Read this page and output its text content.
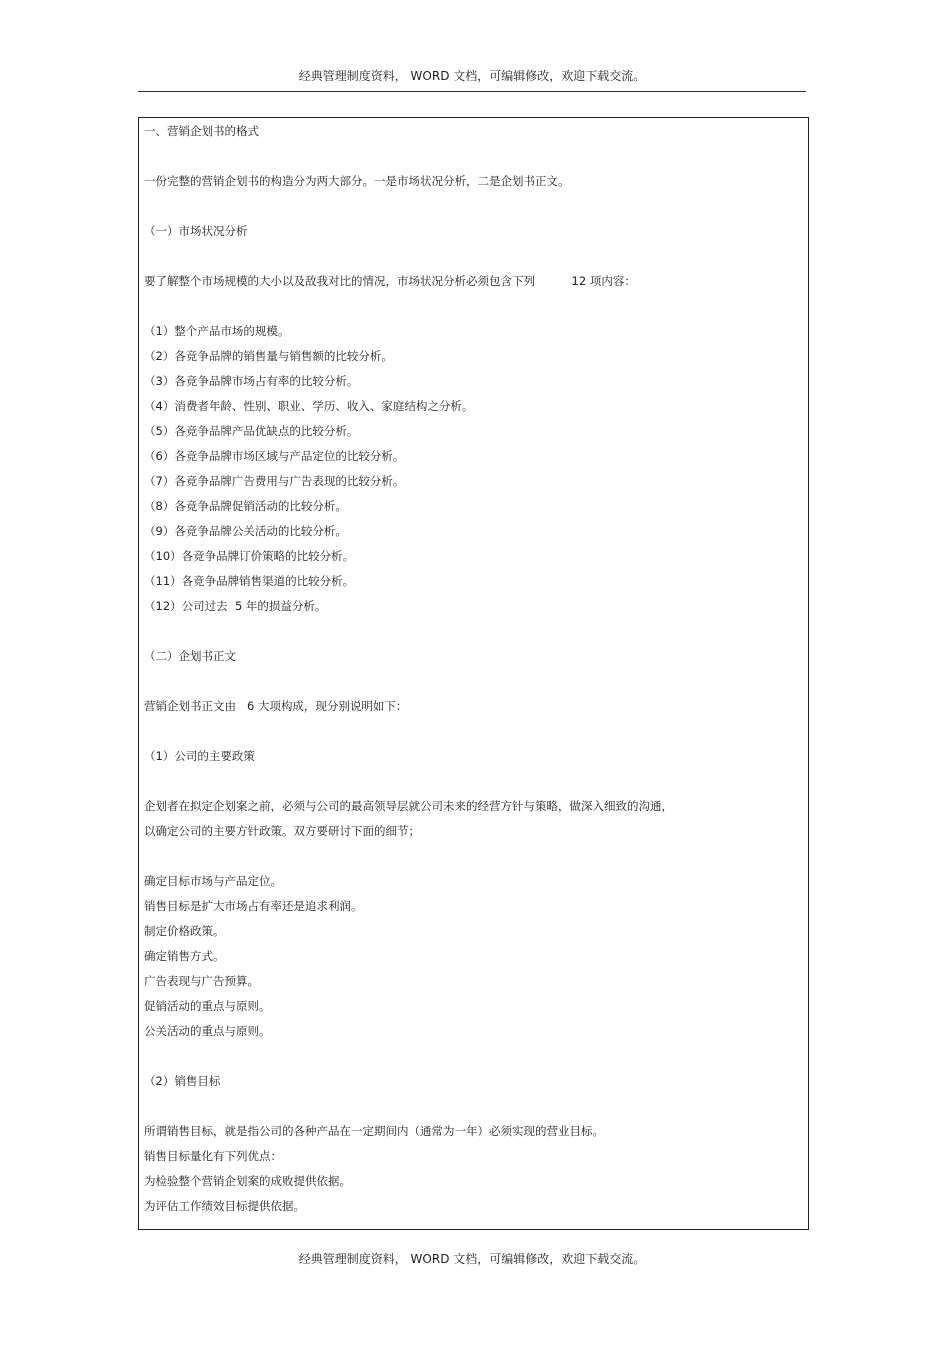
经典管理制度资料， WORD 文档，可编辑修改，欢迎下载交流。
一、营销企划书的格式
一份完整的营销企划书的构造分为两大部分。一是市场状况分析，二是企划书正文。
（一）市场状况分析
要了解整个市场规模的大小以及敌我对比的情况，市场状况分析必须包含下列          12 项内容：
（1）整个产品市场的规模。
（2）各竞争品牌的销售量与销售额的比较分析。
（3）各竞争品牌市场占有率的比较分析。
（4）消费者年龄、性别、职业、学历、收入、家庭结构之分析。
（5）各竞争品牌产品优缺点的比较分析。
（6）各竞争品牌市场区域与产品定位的比较分析。
（7）各竞争品牌广告费用与广告表现的比较分析。
（8）各竞争品牌促销活动的比较分析。
（9）各竞争品牌公关活动的比较分析。
（10）各竞争品牌订价策略的比较分析。
（11）各竞争品牌销售渠道的比较分析。
（12）公司过去  5 年的损益分析。
（二）企划书正文
营销企划书正文由   6 大项构成，现分别说明如下：
（1）公司的主要政策
企划者在拟定企划案之前，必须与公司的最高领导层就公司未来的经营方针与策略，做深入细致的沟通，
以确定公司的主要方针政策。双方要研讨下面的细节；
确定目标市场与产品定位。
销售目标是扩大市场占有率还是追求利润。
制定价格政策。
确定销售方式。
广告表现与广告预算。
促销活动的重点与原则。
公关活动的重点与原则。
（2）销售目标
所谓销售目标，就是指公司的各种产品在一定期间内（通常为一年）必须实现的营业目标。
销售目标量化有下列优点：
为检验整个营销企划案的成败提供依据。
为评估工作绩效目标提供依据。
经典管理制度资料， WORD 文档，可编辑修改，欢迎下载交流。
